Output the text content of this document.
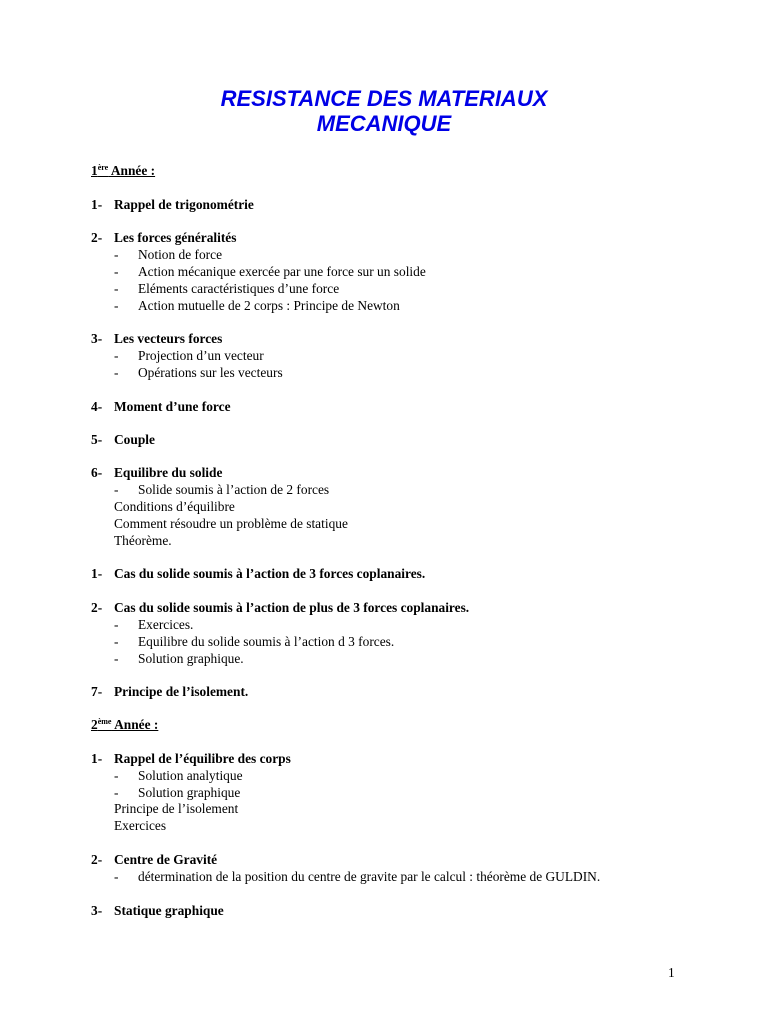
RESISTANCE DES MATERIAUX
MECANIQUE

1ère Année :

1- Rappel de trigonométrie

2- Les forces généralités

- Notion de force
- Action mécanique exercée par une force sur un solide
- Eléments caractéristiques d’une force
- Action mutuelle de 2 corps : Principe de Newton

3- Les vecteurs forces

- Projection d’un vecteur
- Opérations sur les vecteurs

4- Moment d’une force

5- Couple

6- Equilibre du solide

- Solide soumis à l’action de 2 forces
Conditions d’équilibre
Comment résoudre un problème de statique
Théorème.

1- Cas du solide soumis à l’action de 3 forces coplanaires.

2- Cas du solide soumis à l’action de plus de 3 forces coplanaires.

- Exercices.
- Equilibre du solide soumis à l’action d 3 forces.
- Solution graphique.

7- Principe de l’isolement.

2ème Année :

1- Rappel de l’équilibre des corps

- Solution analytique
- Solution graphique
Principe de l’isolement
Exercices

2- Centre de Gravité

- détermination de la position du centre de gravite par le calcul : théorème de GULDIN.

3- Statique graphique

1
